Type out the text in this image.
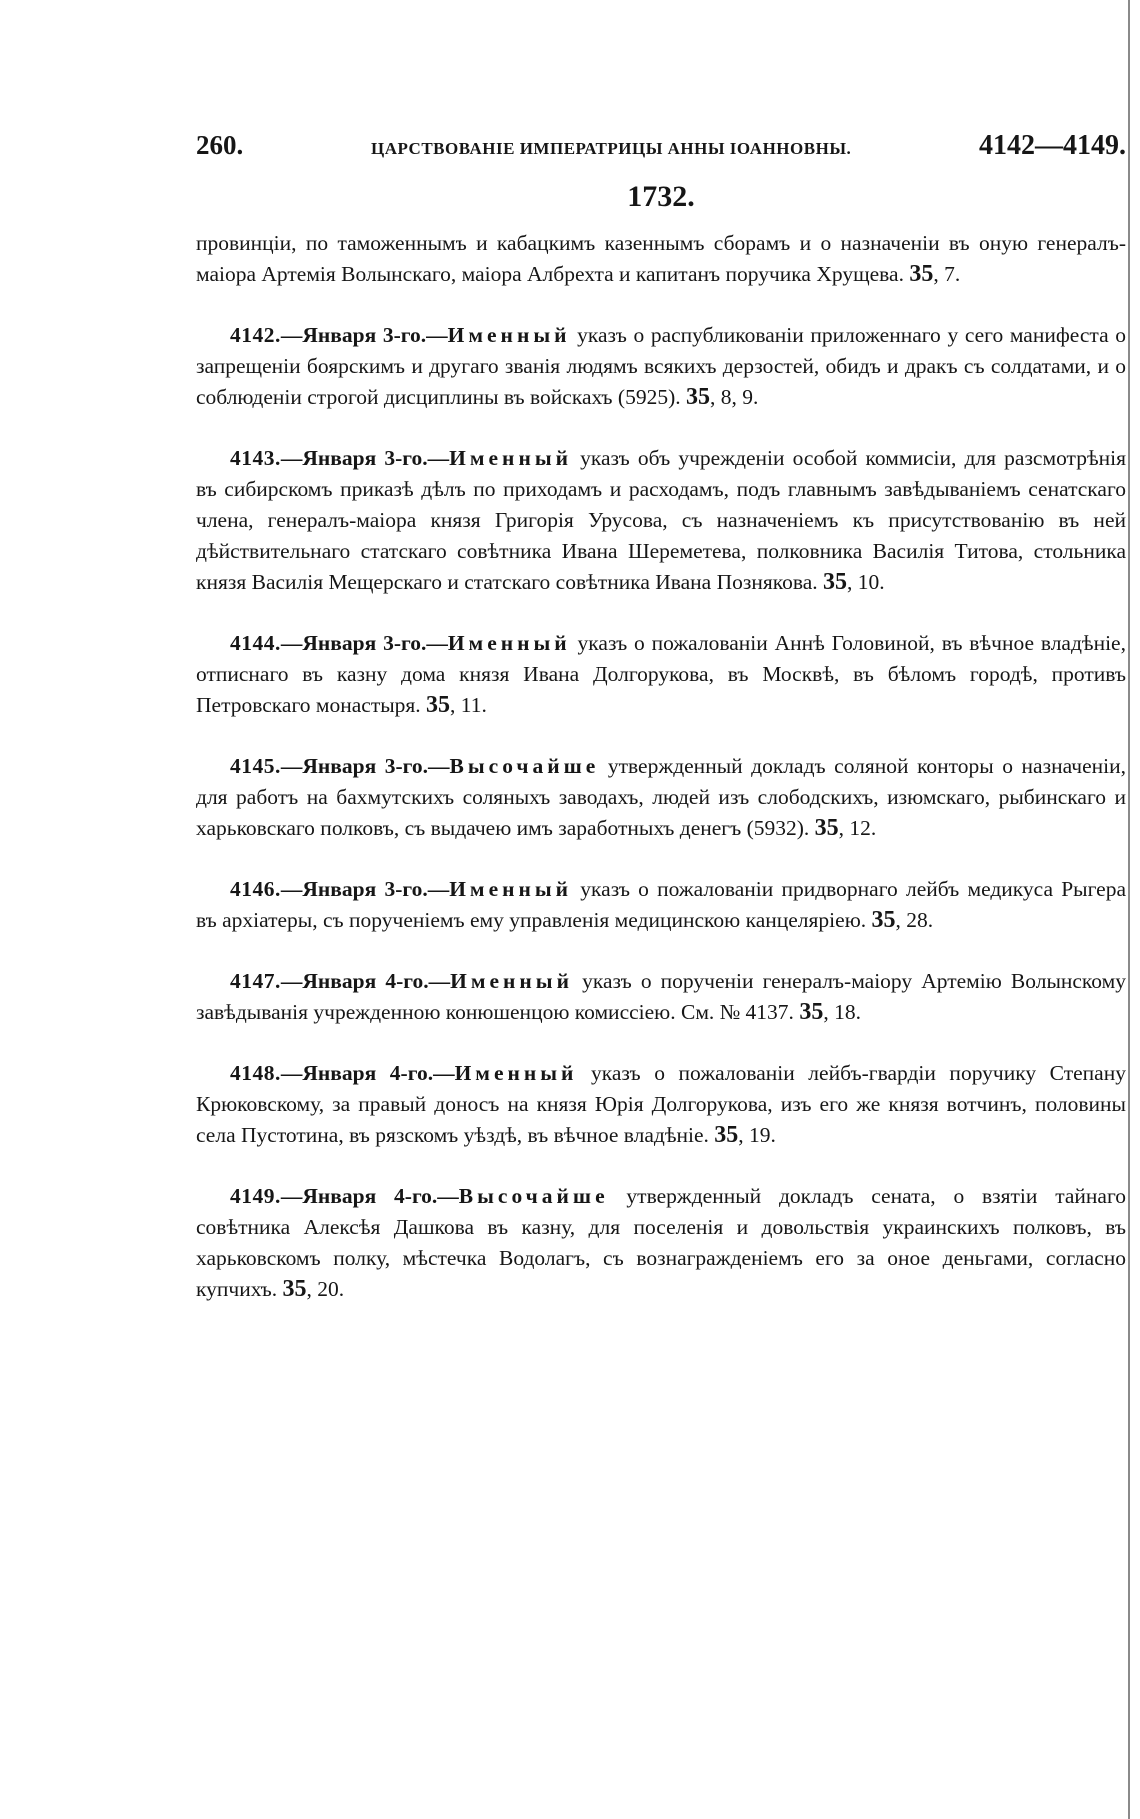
260.	ЦАРСТВОВАНІЕ ИМПЕРАТРИЦЫ АННЫ ІОАННОВНЫ.	4142—4149.
1732.

провинціи, по таможеннымъ и кабацкимъ казеннымъ сборамъ и о назначеніи въ оную генералъ-маіора Артемія Волынскаго, маіора Албрехта и капитанъ поручика Хрущева. 35, 7.

4142.—Января 3-го.—Именный указъ о распубликованіи приложеннаго у сего манифеста о запрещеніи боярскимъ и другаго званія людямъ всякихъ дерзостей, обидъ и дракъ съ солдатами, и о соблюденіи строгой дисциплины въ войскахъ (5925). 35, 8, 9.

4143.—Января 3-го.—Именный указъ объ учрежденіи особой коммисіи, для разсмотрѣнія въ сибирскомъ приказѣ дѣлъ по приходамъ и расходамъ, подъ главнымъ завѣдываніемъ сенатскаго члена, генералъ-маіора князя Григорія Урусова, съ назначеніемъ къ присутствованію въ ней дѣйствительнаго статскаго совѣтника Ивана Шереметева, полковника Василія Титова, стольника князя Василія Мещерскаго и статскаго совѣтника Ивана Познякова. 35, 10.

4144.—Января 3-го.—Именный указъ о пожалованіи Аннѣ Головиной, въ вѣчное владѣніе, отписнаго въ казну дома князя Ивана Долгорукова, въ Москвѣ, въ бѣломъ городѣ, противъ Петровскаго монастыря. 35, 11.

4145.—Января 3-го.—Высочайше утвержденный докладъ соляной конторы о назначеніи, для работъ на бахмутскихъ соляныхъ заводахъ, людей изъ слободскихъ, изюмскаго, рыбинскаго и харьковскаго полковъ, съ выдачею имъ заработныхъ денегъ (5932). 35, 12.

4146.—Января 3-го.—Именный указъ о пожалованіи придворнаго лейбъ медикуса Рыгера въ архіатеры, съ порученіемъ ему управленія медицинскою канцеляріею. 35, 28.

4147.—Января 4-го.—Именный указъ о порученіи генералъ-маіору Артемію Волынскому завѣдыванія учрежденною конюшенцою комиссіею. См. № 4137. 35, 18.

4148.—Января 4-го.—Именный указъ о пожалованіи лейбъ-гвардіи поручику Степану Крюковскому, за правый доносъ на князя Юрія Долгорукова, изъ его же князя вотчинъ, половины села Пустотина, въ рязскомъ уѣздѣ, въ вѣчное владѣніе. 35, 19.

4149.—Января 4-го.—Высочайше утвержденный докладъ сената, о взятіи тайнаго совѣтника Алексѣя Дашкова въ казну, для поселенія и довольствія украинскихъ полковъ, въ харьковскомъ полку, мѣстечка Водолагъ, съ вознагражденіемъ его за оное деньгами, согласно купчихъ. 35, 20.
